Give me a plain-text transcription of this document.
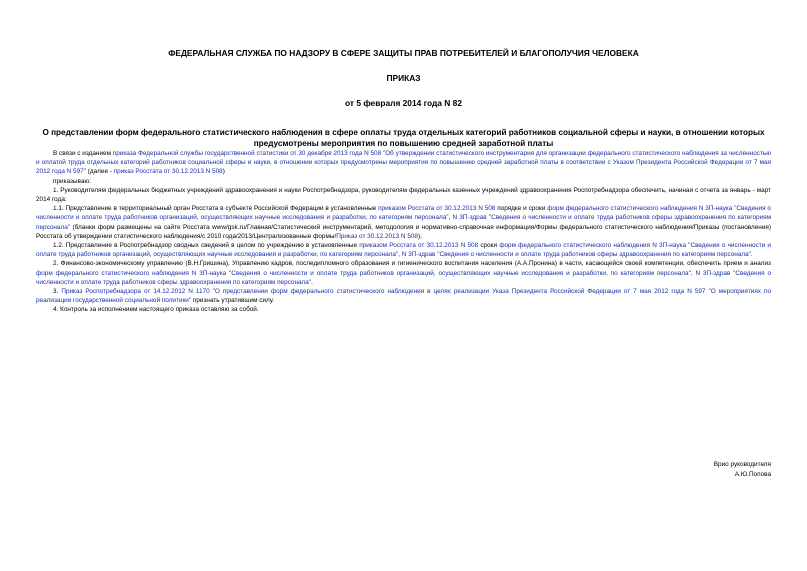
ФЕДЕРАЛЬНАЯ СЛУЖБА ПО НАДЗОРУ В СФЕРЕ ЗАЩИТЫ ПРАВ ПОТРЕБИТЕЛЕЙ И БЛАГОПОЛУЧИЯ ЧЕЛОВЕКА

ПРИКАЗ

от 5 февраля 2014 года N 82

О представлении форм федерального статистического наблюдения в сфере оплаты труда отдельных категорий работников социальной сферы и науки, в отношении которых предусмотрены мероприятия по повышению средней заработной платы

В связи с изданием приказа Федеральной службы государственной статистики от 30 декабря 2013 года N 508 "Об утверждении статистического инструментария для организации федерального статистического наблюдения за численностью и оплатой труда отдельных категорий работников социальной сферы и науки, в отношении которых предусмотрены мероприятия по повышению средней заработной платы в соответствии с Указом Президента Российской Федерации от 7 мая 2012 года N 597" (далее - приказ Росстата от 30.12.2013 N 508)

приказываю:

1. Руководителям федеральных бюджетных учреждений здравоохранения и науки Роспотребнадзора, руководителям федеральных казенных учреждений здравоохранения Роспотребнадзора обеспечить, начиная с отчета за январь - март 2014 года:

1.1. Представление в территориальный орган Росстата в субъекте Российской Федерации в установленные приказом Росстата от 30.12.2013 N 508 порядке и сроки форм федерального статистического наблюдения N 3П-наука "Сведения о численности и оплате труда работников организаций, осуществляющих научные исследования и разработки, по категориям персонала", N 3П-здрав "Сведения о численности и оплате труда работников сферы здравоохранения по категориям персонала" (бланки форм размещены на сайте Росстата www/gsk.ru/Главная/Статистический инструментарий, методология и нормативно-справочная информация/Формы федерального статистического наблюдения/Приказы (постановления) Росстата об утверждении статистического наблюдения/с 2010 года/2013/Централизованные формы/Приказ от 30.12.2013 N 508);

1.2. Представление в Роспотребнадзор сводных сведений в целом по учреждению в установленные приказом Росстата от 30.12.2013 N 508 сроки форм федерального статистического наблюдения N 3П-наука "Сведения о численности и оплате труда работников организаций, осуществляющих научные исследования и разработки, по категориям персонала", N 3П-здрав "Сведения о численности и оплате труда работников сферы здравоохранения по категориям персонала".

2. Финансово-экономическому управлению (В.Н.Гришина), Управлению кадров, последипломного образования и гигиенического воспитания населения (А.А.Пронина) в части, касающейся своей компетенции, обеспечить прием и анализ форм федерального статистического наблюдения N 3П-наука "Сведения о численности и оплате труда работников организаций, осуществляющих научные исследования и разработки, по категориям персонала", N 3П-здрав "Сведения о численности и оплате труда работников сферы здравоохранения по категориям персонала".

3. Приказ Роспотребнадзора от 14.12.2012 N 1170 "О представлении форм федерального статистического наблюдения в целях реализации Указа Президента Российской Федерации от 7 мая 2012 года N 597 "О мероприятиях по реализации государственной социальной политики" признать утратившим силу.

4. Контроль за исполнением настоящего приказа оставляю за собой.

Врио руководителя
А.Ю.Попова
